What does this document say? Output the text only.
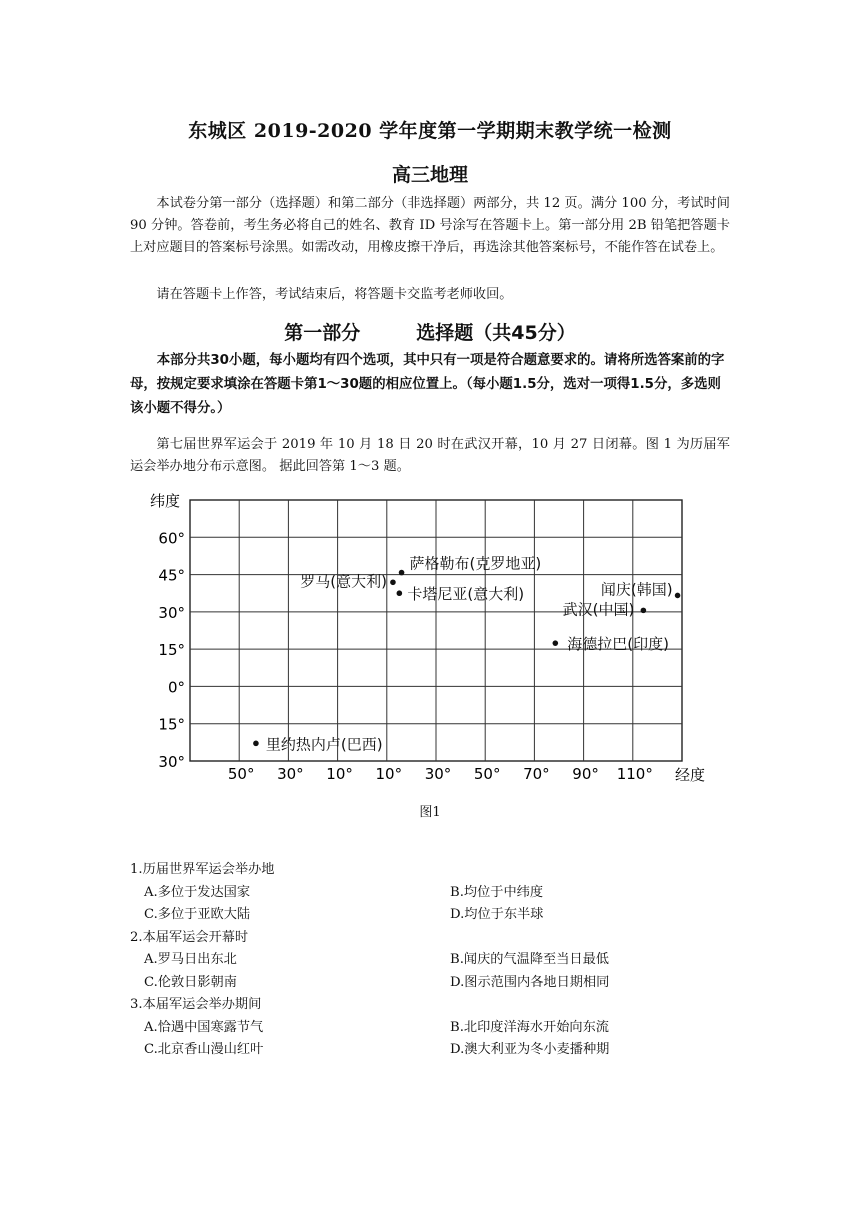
东城区 2019-2020 学年度第一学期期末教学统一检测
高三地理

本试卷分第一部分（选择题）和第二部分（非选择题）两部分，共 12 页。满分 100 分，考试时间 90 分钟。答卷前，考生务必将自己的姓名、教育 ID 号涂写在答题卡上。第一部分用 2B 铅笔把答题卡上对应题目的答案标号涂黑。如需改动，用橡皮擦干净后，再选涂其他答案标号，不能作答在试卷上。

请在答题卡上作答，考试结束后，将答题卡交监考老师收回。

第一部分	选择题（共45分）

本部分共30小题，每小题均有四个选项，其中只有一项是符合题意要求的。请将所选答案前的字母，按规定要求填涂在答题卡第1～30题的相应位置上。（每小题1.5分，选对一项得1.5分，多选则该小题不得分。）

第七届世界军运会于 2019 年 10 月 18 日 20 时在武汉开幕，10 月 27 日闭幕。图 1 为历届军运会举办地分布示意图。 据此回答第 1～3 题。

60°
45°
30°
15°
0°
15°
30°
50° 30° 10° 10° 30° 50° 70° 90° 110°
纬度
经度
萨格勒布(克罗地亚)
罗马(意大利)
卡塔尼亚(意大利)	闻庆(韩国)
武汉(中国)
海德拉巴(印度)
里约热内卢(巴西)

图1

1.历届世界军运会举办地
A.多位于发达国家	B.均位于中纬度
C.多位于亚欧大陆	D.均位于东半球
2.本届军运会开幕时
A.罗马日出东北	B.闻庆的气温降至当日最低
C.伦敦日影朝南	D.图示范围内各地日期相同
3.本届军运会举办期间
A.恰遇中国寒露节气	B.北印度洋海水开始向东流
C.北京香山漫山红叶	D.澳大利亚为冬小麦播种期
